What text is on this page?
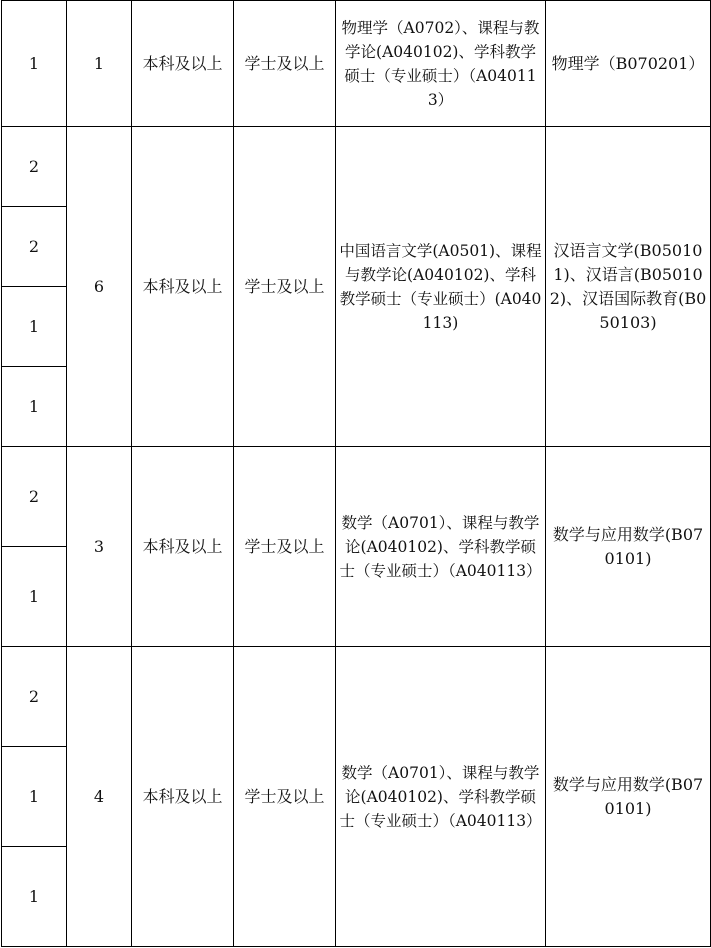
1	1	本科及以上	学士及以上	物理学（A0702）、课程与教学论(A040102)、学科教学硕士（专业硕士）（A040113）	物理学（B070201）
2	6	本科及以上	学士及以上	中国语言文学(A0501)、课程与教学论(A040102)、学科教学硕士（专业硕士）(A040113)	汉语言文学(B050101)、汉语言(B050102)、汉语国际教育(B050103)
2					
1					
1					
2	3	本科及以上	学士及以上	数学（A0701）、课程与教学论(A040102)、学科教学硕士（专业硕士）（A040113）	数学与应用数学(B070101)
1					
2	4	本科及以上	学士及以上	数学（A0701）、课程与教学论(A040102)、学科教学硕士（专业硕士）（A040113）	数学与应用数学(B070101)
1					
1					
